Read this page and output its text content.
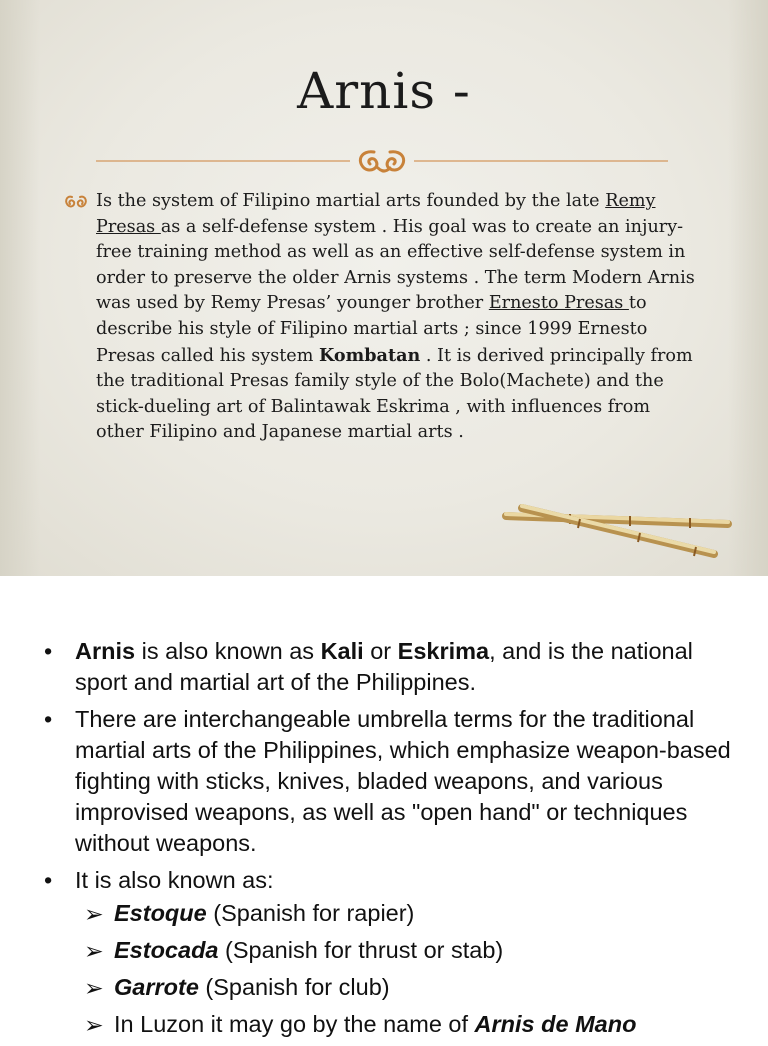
Arnis -
Is the system of Filipino martial arts founded by the late Remy Presas as a self-defense system . His goal was to create an injury-free training method as well as an effective self-defense system in order to preserve the older Arnis systems . The term Modern Arnis was used by Remy Presas’ younger brother Ernesto Presas to describe his style of Filipino martial arts ; since 1999 Ernesto Presas called his system Kombatan . It is derived principally from the traditional Presas family style of the Bolo(Machete) and the stick-dueling art of Balintawak Eskrima , with influences from other Filipino and Japanese martial arts .
• Arnis is also known as Kali or Eskrima, and is the national sport and martial art of the Philippines.
• There are interchangeable umbrella terms for the traditional martial arts of the Philippines, which emphasize weapon-based fighting with sticks, knives, bladed weapons, and various improvised weapons, as well as "open hand" or techniques without weapons.
• It is also known as:
➢ Estoque (Spanish for rapier)
➢ Estocada (Spanish for thrust or stab)
➢ Garrote (Spanish for club)
➢ In Luzon it may go by the name of Arnis de Mano
